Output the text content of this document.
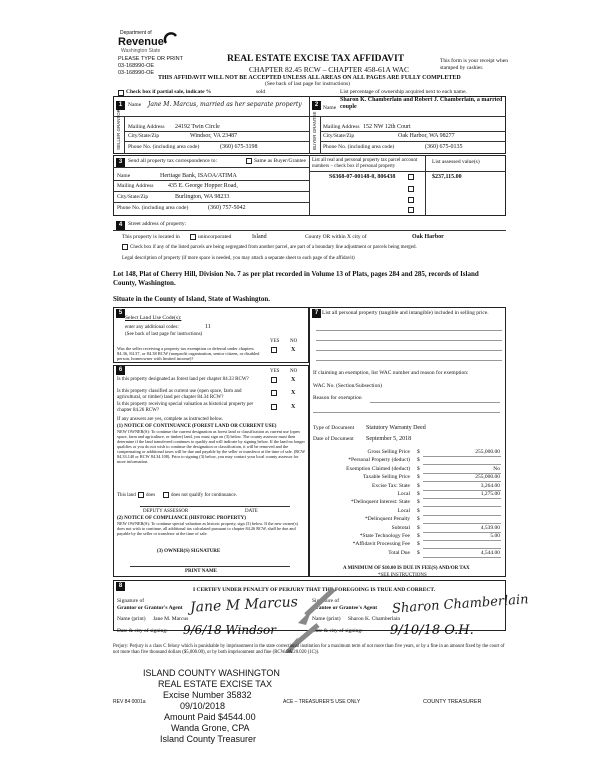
Department of
Revenue
Washington State
PLEASE TYPE OR PRINT
03-168990-OE
03-168990-OE
REAL ESTATE EXCISE TAX AFFIDAVIT
CHAPTER 82.45 RCW – CHAPTER 458-61A WAC
This form is your receipt when stamped by cashier.
THIS AFFIDAVIT WILL NOT BE ACCEPTED UNLESS ALL AREAS ON ALL PAGES ARE FULLY COMPLETED
(See back of last page for instructions)
Check box if partial sale, indicate %	sold	List percentage of ownership acquired next to each name.
1	Name Jane M. Marcus, married as her separate property
SELLER GRANTOR Mailing Address 24192 Twin Circle
City/State/Zip	Windsor, VA 23487
Phone No. (including area code)	(360) 675-3198
2 Name
Sharon K. Chamberlain and Robert J. Chamberlain, a married couple
BUYER GRANTEE Mailing Address 152 NW 12th Court
City/State/Zip	Oak Harbor, WA 98277
Phone No. (including area code)	(360) 675-0135
3	Send all property tax correspondence to:	Same as Buyer/Grantee
Name	Heritage Bank, ISAOA/ATIMA
Mailing Address 435 E. George Hopper Road,
City/State/Zip	Burlington, WA 98233
Phone No. (including area code)	(360) 757-5042
List all real and personal property tax parcel account
numbers – check box if personal property
List assessed value(s)
S6368-07-00148-0, 806438	$237,115.00
4	Street address of property:
This property is located in	unincorporated	Island	County OR within X city of	Oak Harbor
Check box if any of the listed parcels are being segregated from another parcel, are part of a boundary line adjustment or parcels being merged.
Legal description of property (if more space is needed, you may attach a separate sheet to each page of the affidavit)
Lot 148, Plat of Cherry Hill, Division No. 7 as per plat recorded in Volume 13 of Plats, pages 284 and 285, records of Island County, Washington.
Situate in the County of Island, State of Washington.
5
Select Land Use Code(s):
enter any additional codes:	11
(See back of last page for instructions)
YES NO
Was the seller receiving a property tax exemption or deferral under chapters 84.36, 84.37, or 84.38 RCW (nonprofit organization, senior citizen, or disabled person, homeowner with limited income)?
X
6	YES NO
Is this property designated as forest land per chapter 84.33 RCW?	X
Is this property classified as current use (open space, farm and agricultural, or timber) land per chapter 84.34 RCW?
X
Is this property receiving special valuation as historical property per chapter 84.26 RCW?
X
If any answers are yes, complete as instructed below.
(1) NOTICE OF CONTINUANCE (FOREST LAND OR CURRENT USE)
NEW OWNER(S): To continue the current designation as forest land or classification as current use (open space, farm and agriculture, or timber) land, you must sign on (3) below. The county assessor must then determine if the land transferred continues to qualify and will indicate by signing below. If the land no longer qualifies or you do not wish to continue the designation or classification, it will be removed and the compensating or additional taxes will be due and payable by the seller or transferor at the time of sale. (RCW 84.33.140 or RCW 84.34.108). Prior to signing (3) below, you may contact your local county assessor for more information.
This land does	does not qualify for continuance.
DEPUTY ASSESSOR	DATE
(2) NOTICE OF COMPLIANCE (HISTORIC PROPERTY)
NEW OWNER(S): To continue special valuation as historic property, sign (3) below. If the new owner(s) does not wish to continue, all additional tax calculated pursuant to chapter 84.26 RCW, shall be due and payable by the seller or transferor at the time of sale.
(3) OWNER(S) SIGNATURE
PRINT NAME
7 List all personal property (tangible and intangible) included in selling price.
If claiming an exemption, list WAC number and reason for exemption:
WAC No. (Section/Subsection)
Reason for exemption
Type of Document Statutory Warranty Deed
Date of Document September 5, 2018
Gross Selling Price $	255,000.00
*Personal Property (deduct) $
Exemption Claimed (deduct) $	No
Taxable Selling Price $	255,000.00
Excise Tax: State $	3,264.00
Local $	1,275.00
*Delinquent Interest: State $
Local $
*Delinquent Penalty $
Subtotal $	4,539.00
*State Technology Fee $	5.00
*Affidavit Processing Fee $
Total Due $	4,544.00
A MINIMUM OF $10.00 IS DUE IN FEE(S) AND/OR TAX
*SEE INSTRUCTIONS
8
I CERTIFY UNDER PENALTY OF PERJURY THAT THE FOREGOING IS TRUE AND CORRECT.
Signature of
Grantor or Grantor's Agent Jane M Marcus
Name (print) Jane M. Marcus
Date & city of signing: 9/6/18 Windsor
Signature of
Grantee or Grantee's Agent Sharon Chamberlain
Name (print) Sharon K. Chamberlain
Date & city of signing: 9/10/18 O.H.
Perjury: Perjury is a class C felony which is punishable by imprisonment in the state correctional institution for a maximum term of not more than five years, or by a fine in an amount fixed by the court of not more than five thousand dollars ($5,000.00), or by both imprisonment and fine (RCW 9A.20.020 (1C)).
ISLAND COUNTY WASHINGTON
REAL ESTATE EXCISE TAX
Excise Number 35832
09/10/2018
Amount Paid $4544.00
Wanda Grone, CPA
Island County Treasurer
REV 84 0001a	ACE – TREASURER'S USE ONLY	COUNTY TREASURER
